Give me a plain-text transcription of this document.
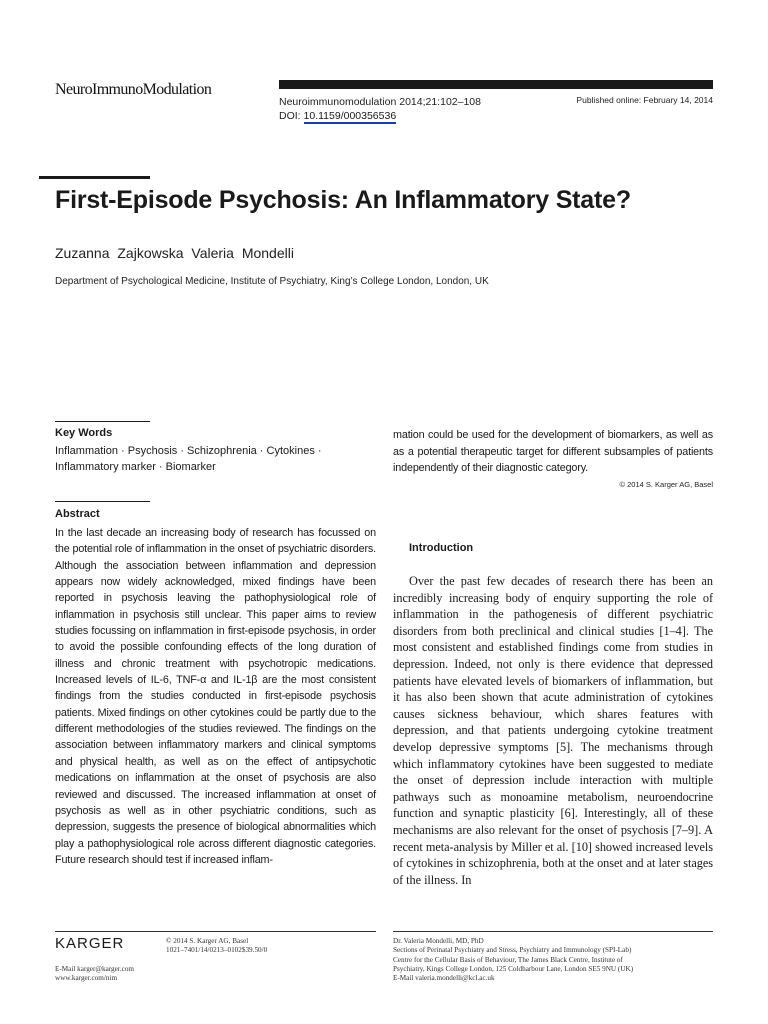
NeuroImmunoModulation
Neuroimmunomodulation 2014;21:102–108
DOI: 10.1159/000356536
Published online: February 14, 2014
First-Episode Psychosis: An Inflammatory State?
Zuzanna Zajkowska Valeria Mondelli
Department of Psychological Medicine, Institute of Psychiatry, King’s College London, London, UK
Key Words
Inflammation · Psychosis · Schizophrenia · Cytokines ·
Inflammatory marker · Biomarker
Abstract

In the last decade an increasing body of research has focussed on the potential role of inflammation in the onset of psychiatric disorders. Although the association between inflammation and depression appears now widely acknowledged, mixed findings have been reported in psychosis leaving the pathophysiological role of inflammation in psychosis still unclear. This paper aims to review studies focussing on inflammation in first-episode psychosis, in order to avoid the possible confounding effects of the long duration of illness and chronic treatment with psychotropic medications. Increased levels of IL-6, TNF-α and IL-1β are the most consistent findings from the studies conducted in first-episode psychosis patients. Mixed findings on other cytokines could be partly due to the different methodologies of the studies reviewed. The findings on the association between inflammatory markers and clinical symptoms and physical health, as well as on the effect of antipsychotic medications on inflammation at the onset of psychosis are also reviewed and discussed. The increased inflammation at onset of psychosis as well as in other psychiatric conditions, such as depression, suggests the presence of biological abnormalities which play a pathophysiological role across different diagnostic categories. Future research should test if increased inflam-

mation could be used for the development of biomarkers, as well as as a potential therapeutic target for different subsamples of patients independently of their diagnostic category.

© 2014 S. Karger AG, Basel
Introduction

Over the past few decades of research there has been an incredibly increasing body of enquiry supporting the role of inflammation in the pathogenesis of different psychiatric disorders from both preclinical and clinical studies [1–4]. The most consistent and established findings come from studies in depression. Indeed, not only is there evidence that depressed patients have elevated levels of biomarkers of inflammation, but it has also been shown that acute administration of cytokines causes sickness behaviour, which shares features with depression, and that patients undergoing cytokine treatment develop depressive symptoms [5]. The mechanisms through which inflammatory cytokines have been suggested to mediate the onset of depression include interaction with multiple pathways such as monoamine metabolism, neuroendocrine function and synaptic plasticity [6]. Interestingly, all of these mechanisms are also relevant for the onset of psychosis [7–9]. A recent meta-analysis by Miller et al. [10] showed increased levels of cytokines in schizophrenia, both at the onset and at later stages of the illness. In

KARGER	© 2014 S. Karger AG, Basel
1021–7401/14/0213–0102$39.50/0
E-Mail karger@karger.com
www.karger.com/nim
Dr. Valeria Mondelli, MD, PhD
Sections of Perinatal Psychiatry and Stress, Psychiatry and Immunology (SPI-Lab)
Centre for the Cellular Basis of Behaviour, The James Black Centre, Institute of
Psychiatry, Kings College London, 125 Coldharbour Lane, London SE5 9NU (UK)
E-Mail valeria.mondelli@kcl.ac.uk
